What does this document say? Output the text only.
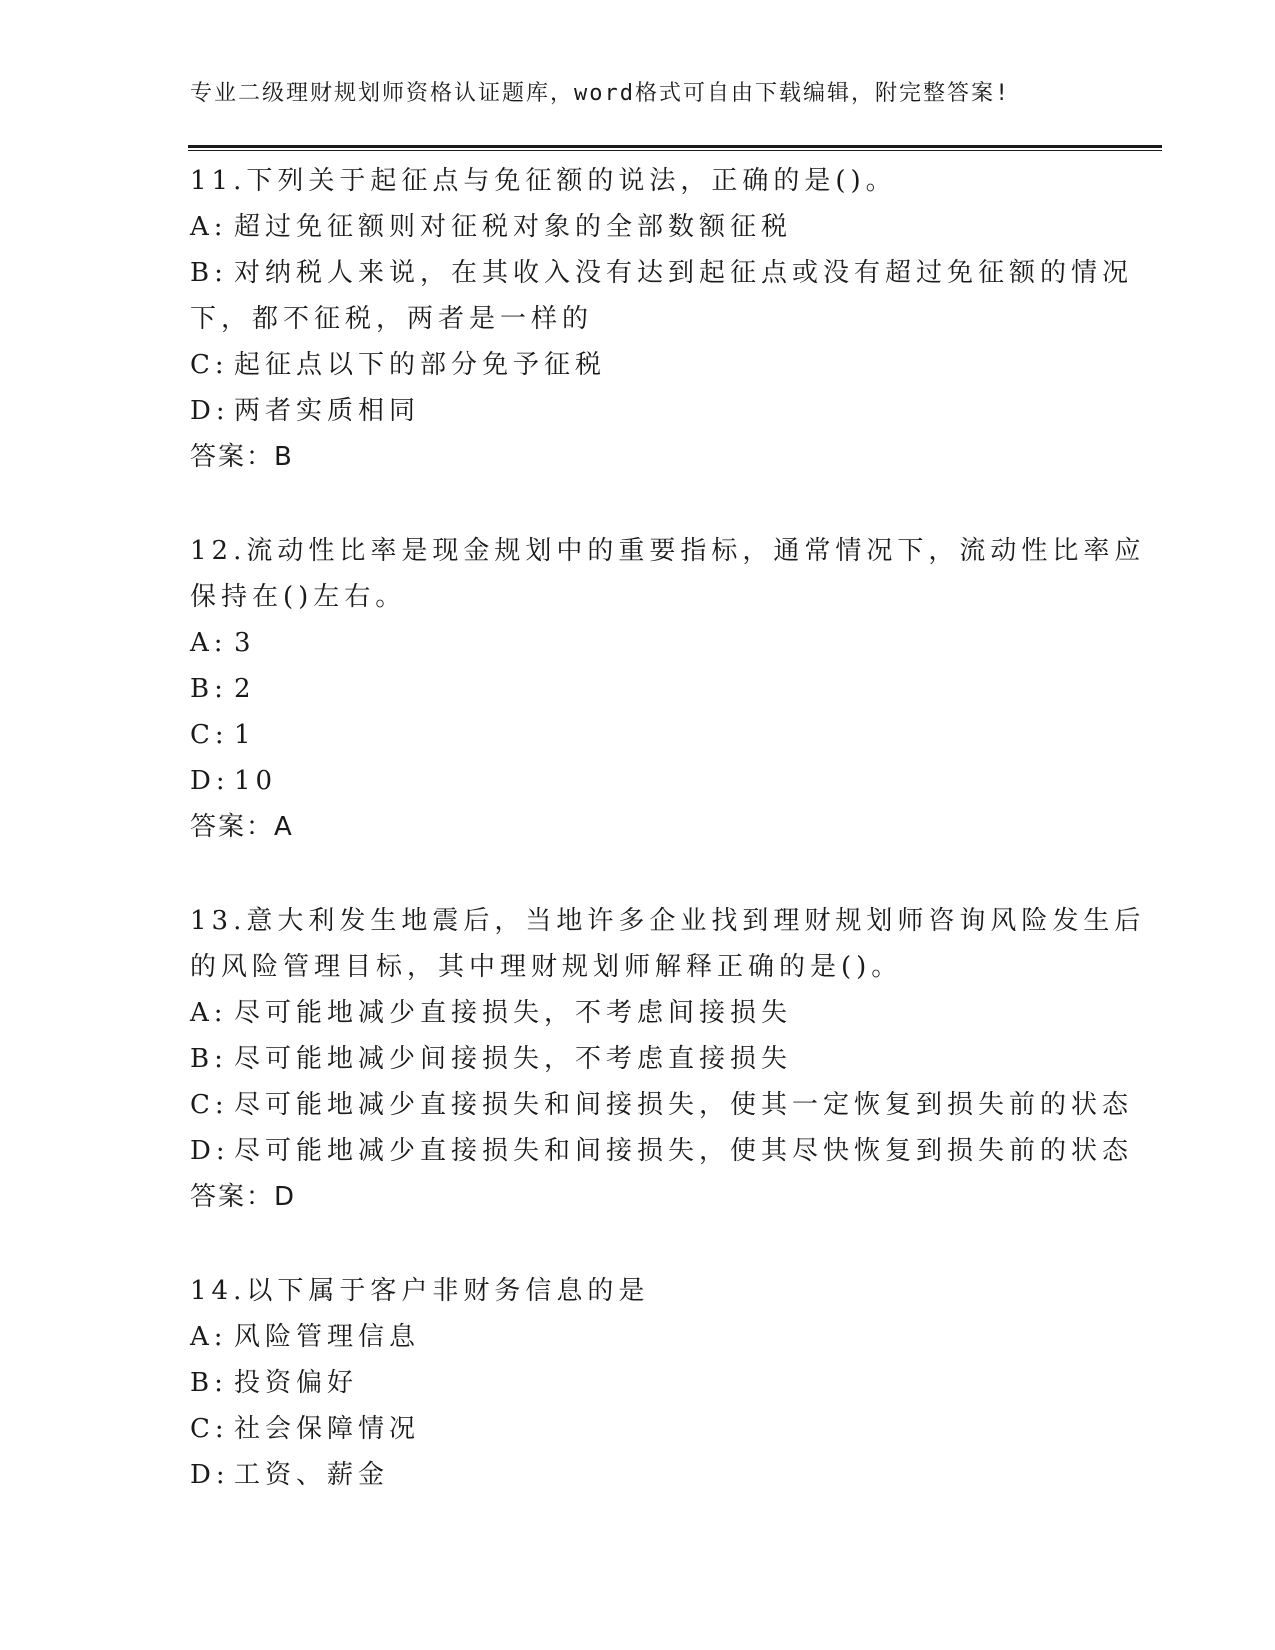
专业二级理财规划师资格认证题库，word格式可自由下载编辑，附完整答案!
11.下列关于起征点与免征额的说法，正确的是()。
A: 超过免征额则对征税对象的全部数额征税
B: 对纳税人来说，在其收入没有达到起征点或没有超过免征额的情况
下，都不征税，两者是一样的
C: 起征点以下的部分免予征税
D: 两者实质相同
答案：B
12.流动性比率是现金规划中的重要指标，通常情况下，流动性比率应
保持在()左右。
A: 3
B: 2
C: 1
D: 10
答案：A
13.意大利发生地震后，当地许多企业找到理财规划师咨询风险发生后
的风险管理目标，其中理财规划师解释正确的是()。
A: 尽可能地减少直接损失，不考虑间接损失
B: 尽可能地减少间接损失，不考虑直接损失
C: 尽可能地减少直接损失和间接损失，使其一定恢复到损失前的状态
D: 尽可能地减少直接损失和间接损失，使其尽快恢复到损失前的状态
答案：D
14.以下属于客户非财务信息的是
A: 风险管理信息
B: 投资偏好
C: 社会保障情况
D: 工资、薪金
